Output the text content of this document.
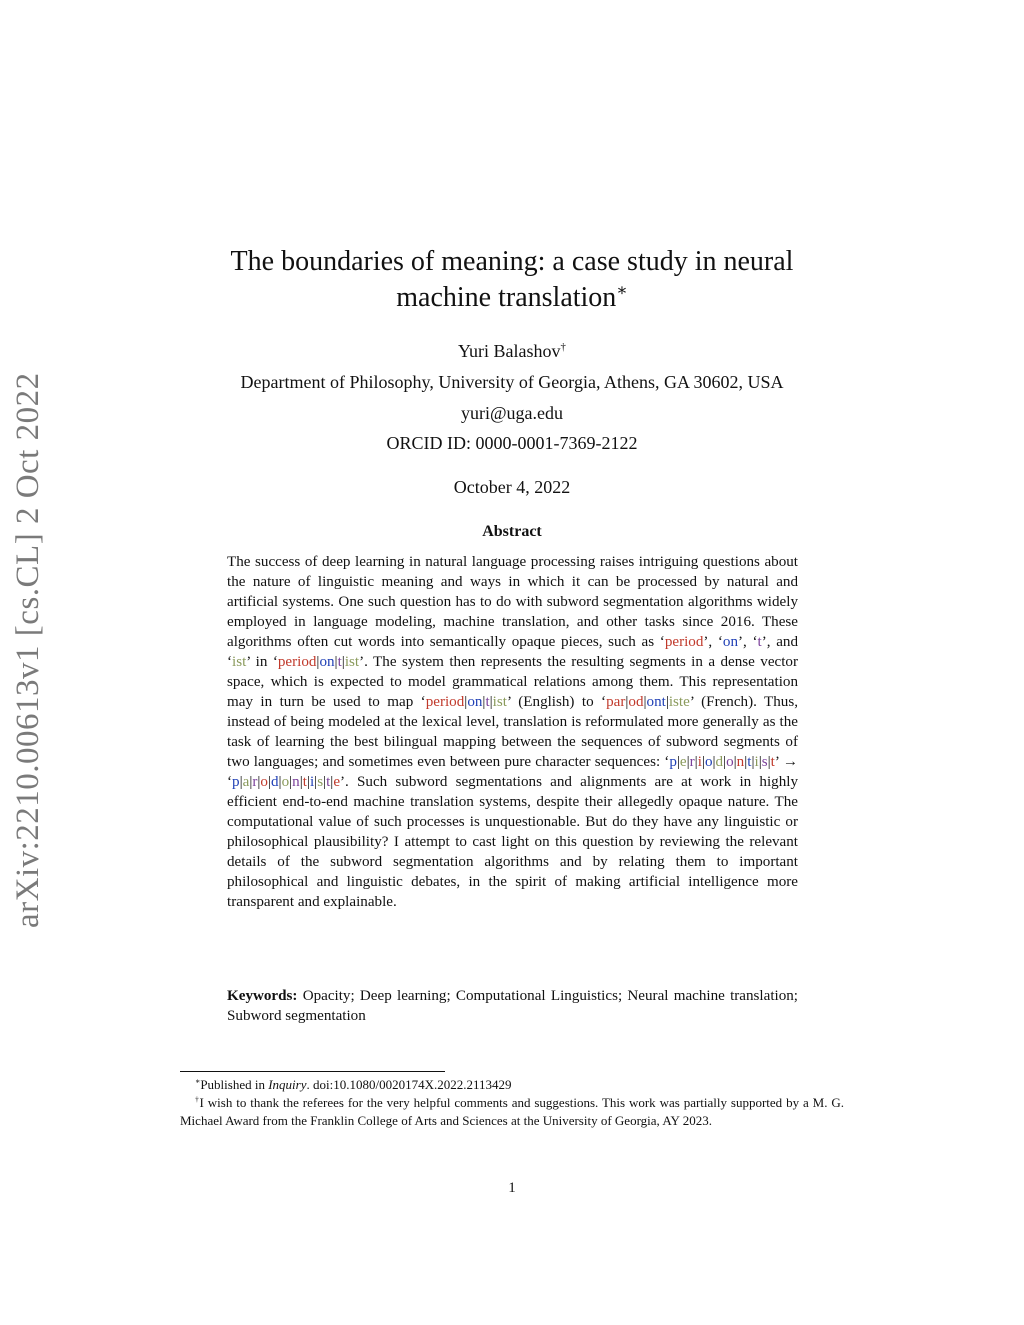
arXiv:2210.00613v1 [cs.CL] 2 Oct 2022
The boundaries of meaning: a case study in neural
machine translation∗
Yuri Balashov†
Department of Philosophy, University of Georgia, Athens, GA 30602, USA
yuri@uga.edu
ORCID ID: 0000-0001-7369-2122
October 4, 2022
Abstract
The success of deep learning in natural language processing raises intriguing questions about the nature of linguistic meaning and ways in which it can be processed by natural and artificial systems. One such question has to do with subword segmentation algorithms widely employed in language modeling, machine translation, and other tasks since 2016. These algorithms often cut words into semantically opaque pieces, such as ‘period’, ‘on’, ‘t’, and ‘ist’ in ‘period|on|t|ist’. The system then represents the resulting segments in a dense vector space, which is expected to model grammatical relations among them. This representation may in turn be used to map ‘period|on|t|ist’ (English) to ‘par|od|ont|iste’ (French). Thus, instead of being modeled at the lexical level, translation is reformulated more generally as the task of learning the best bilingual mapping between the sequences of subword segments of two languages; and sometimes even between pure character sequences: ‘p|e|r|i|o|d|o|n|t|i|s|t’ → ‘p|a|r|o|d|o|n|t|i|s|t|e’. Such subword segmentations and alignments are at work in highly efficient end-to-end machine translation systems, despite their allegedly opaque nature. The computational value of such processes is unquestionable. But do they have any linguistic or philosophical plausibility? I attempt to cast light on this question by reviewing the relevant details of the subword segmentation algorithms and by relating them to important philosophical and linguistic debates, in the spirit of making artificial intelligence more transparent and explainable.
Keywords: Opacity; Deep learning; Computational Linguistics; Neural machine translation; Subword segmentation

∗Published in Inquiry. doi:10.1080/0020174X.2022.2113429

†I wish to thank the referees for the very helpful comments and suggestions. This work was partially supported by a M. G. Michael Award from the Franklin College of Arts and Sciences at the University of Georgia, AY 2023.

1
